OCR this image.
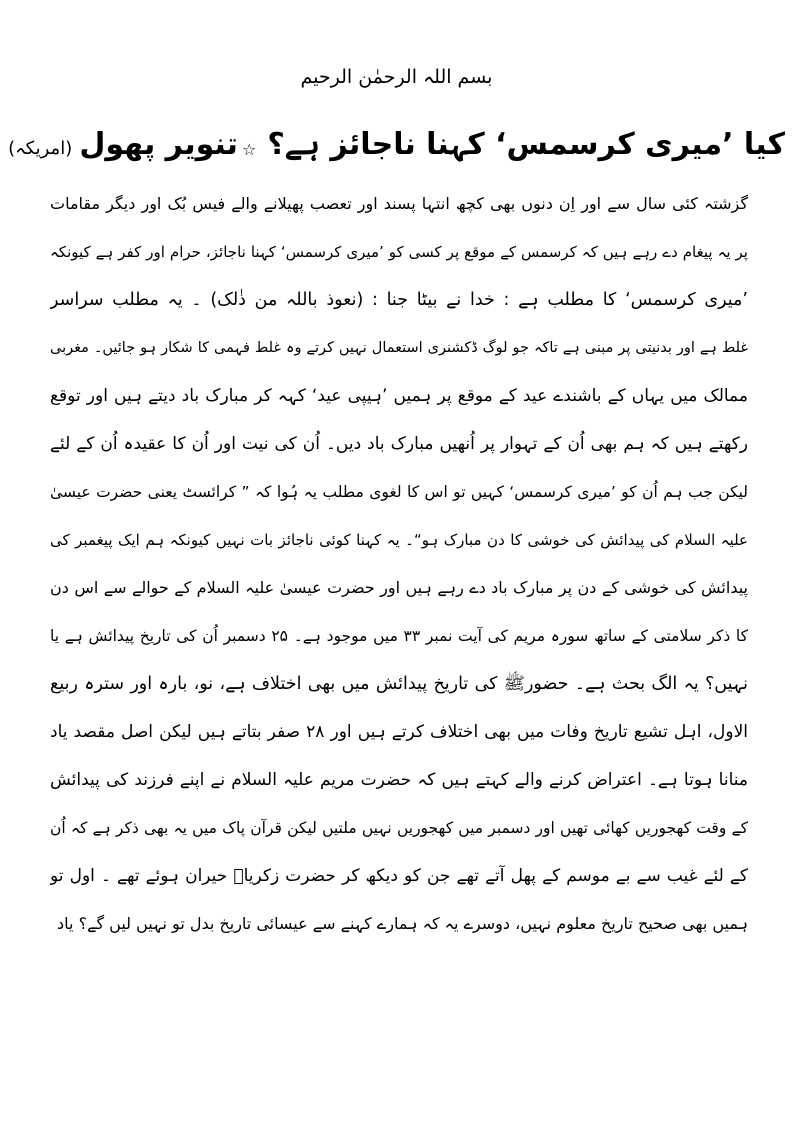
بسم اللہ الرحمٰن الرحیم
کیا ’میری کرسمس‘ کہنا ناجائز ہے؟ ☆تنویر پھول (امریکہ)
گزشتہ کئی سال سے اور اِن دنوں بھی کچھ انتہا پسند اور تعصب پھیلانے والے فیس بُک اور دیگر مقامات
پر یہ پیغام دے رہے ہیں کہ کرسمس کے موقع پر کسی کو ’میری کرسمس‘ کہنا ناجائز، حرام اور کفر ہے کیونکہ
’میری کرسمس‘ کا مطلب ہے : خدا نے بیٹا جنا : (نعوذ باللہ من ذٰلک) ۔ یہ مطلب سراسر
غلط ہے اور بدنیتی پر مبنی ہے تاکہ جو لوگ ڈکشنری استعمال نہیں کرتے وہ غلط فہمی کا شکار ہو جائیں۔ مغربی
ممالک میں یہاں کے باشندے عید کے موقع پر ہمیں ’ہیپی عید‘ کہہ کر مبارک باد دیتے ہیں اور توقع
رکھتے ہیں کہ ہم بھی اُن کے تہوار پر اُنھیں مبارک باد دیں۔ اُن کی نیت اور اُن کا عقیدہ اُن کے لئے
لیکن جب ہم اُن کو ’میری کرسمس‘ کہیں تو اس کا لغوی مطلب یہ ہُوا کہ ” کرائسٹ یعنی حضرت عیسیٰ
علیہ السلام کی پیدائش کی خوشی کا دن مبارک ہو“۔ یہ کہنا کوئی ناجائز بات نہیں کیونکہ ہم ایک پیغمبر کی
پیدائش کی خوشی کے دن پر مبارک باد دے رہے ہیں اور حضرت عیسیٰ علیہ السلام کے حوالے سے اس دن
کا ذکر سلامتی کے ساتھ سورہ مریم کی آیت نمبر ۳۳ میں موجود ہے۔ ۲۵ دسمبر اُن کی تاریخ پیدائش ہے یا
نہیں؟ یہ الگ بحث ہے۔ حضورﷺ کی تاریخ پیدائش میں بھی اختلاف ہے، نو، بارہ اور سترہ ربیع
الاول، اہل تشیع تاریخ وفات میں بھی اختلاف کرتے ہیں اور ۲۸ صفر بتاتے ہیں لیکن اصل مقصد یاد
منانا ہوتا ہے۔ اعتراض کرنے والے کہتے ہیں کہ حضرت مریم علیہ السلام نے اپنے فرزند کی پیدائش
کے وقت کھجوریں کھائی تھیں اور دسمبر میں کھجوریں نہیں ملتیں لیکن قرآن پاک میں یہ بھی ذکر ہے کہ اُن
کے لئے غیب سے بے موسم کے پھل آتے تھے جن کو دیکھ کر حضرت زکریاؑ حیران ہوئے تھے ۔ اول تو
ہمیں بھی صحیح تاریخ معلوم نہیں، دوسرے یہ کہ ہمارے کہنے سے عیسائی تاریخ بدل تو نہیں لیں گے؟ یاد
